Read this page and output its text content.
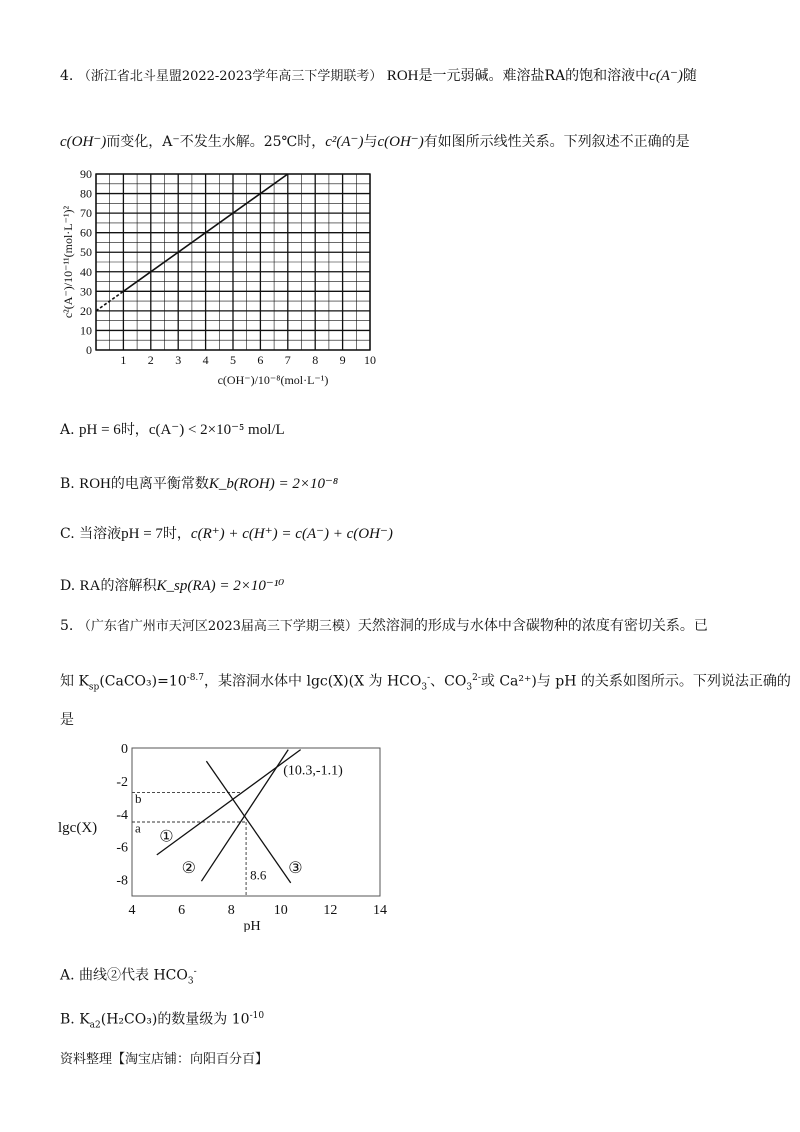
4. （浙江省北斗星盟2022-2023学年高三下学期联考） ROH是一元弱碱。难溶盐RA的饱和溶液中c(A⁻)随
c(OH⁻)而变化，A⁻不发生水解。25℃时，c²(A⁻)与c(OH⁻)有如图所示线性关系。下列叙述不正确的是
1 2 3 4 5 6 7 8 9 10
0
10
20
30
40
50
60
70
80
90
c(OH⁻)/10⁻⁸(mol·L⁻¹)
c²(A⁻)/10⁻¹¹(mol·L⁻¹)²
A. pH = 6时，c(A⁻) < 2×10⁻⁵ mol/L
B. ROH的电离平衡常数K_b(ROH) = 2×10⁻⁸
C. 当溶液pH = 7时，c(R⁺) + c(H⁺) = c(A⁻) + c(OH⁻)
D. RA的溶解积K_sp(RA) = 2×10⁻¹⁰
5. （广东省广州市天河区2023届高三下学期三模）天然溶洞的形成与水体中含碳物种的浓度有密切关系。已
知 $K_{sp}(CaCO_3)=10^{-8.7}$，某溶洞水体中 lgc(X)(X 为 $HCO_3^-$、$CO_3^{2-}$或 Ca²⁺)与 pH 的关系如图所示。下列说法正确的
是
4	6	8	10	12	14
0
-2
-4
-6
-8
①
②	③
(10.3,-1.1)
8.6
a
b
pH
lgc(X)
A. 曲线②代表 $HCO_3^-$
B. $K_{a2}(H_2CO_3)$的数量级为 $10^{-10}$
资料整理【淘宝店铺：向阳百分百】
